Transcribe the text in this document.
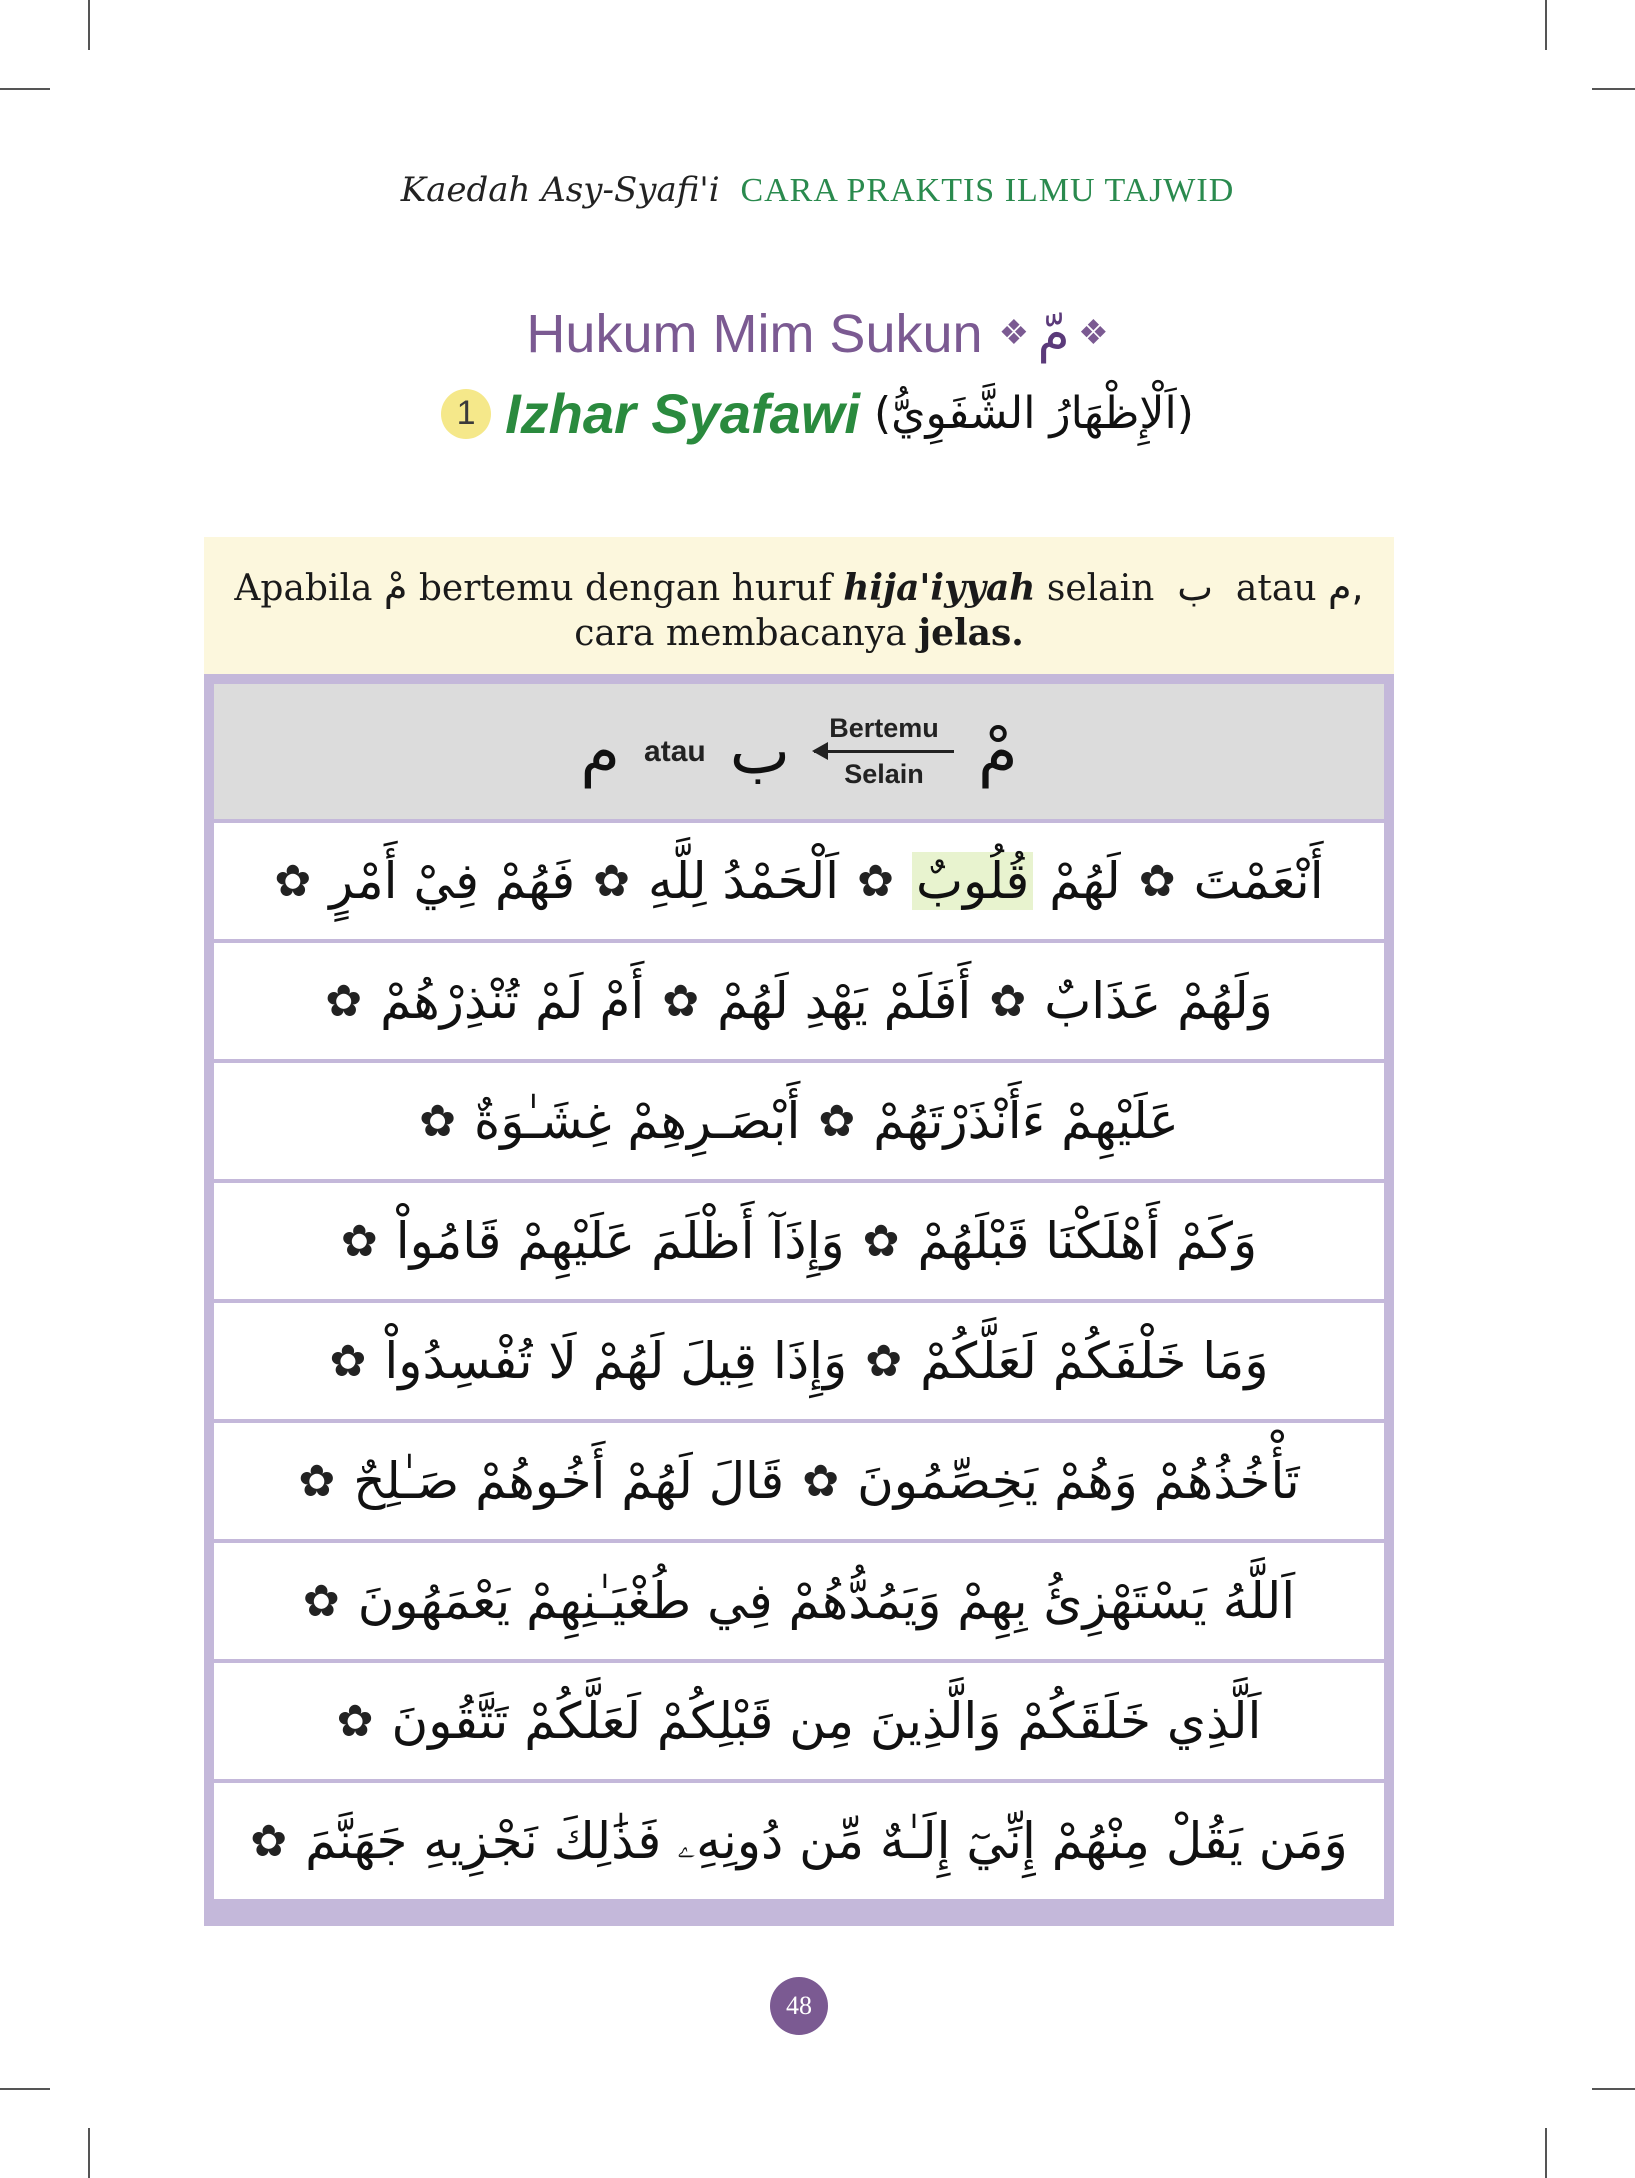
Kaedah Asy-Syafi'i CARA PRAKTIS ILMU TAJWID
Hukum Mim Sukun ❖ مّ ❖

1 Izhar Syafawi (اَلْإِظْهَارُ الشَّفَوِيُّ)
Apabila مْ bertemu dengan huruf hija'iyyah selain ب atau م,
cara membacanya jelas.
م atau ب Bertemu
Selain مْ
أَنْعَمْتَ
✿
لَهُمْ قُلُوبٌ
✿
اَلْحَمْدُ لِلَّهِ
✿
فَهُمْ فِيْ أَمْرٍ
✿
وَلَهُمْ عَذَابٌ
✿
أَفَلَمْ يَهْدِ لَهُمْ
✿
أَمْ لَمْ تُنْذِرْهُمْ
✿
عَلَيْهِمْ ءَأَنْذَرْتَهُمْ
✿
أَبْصَـرِهِمْ غِشَـٰوَةٌ
✿
وَكَمْ أَهْلَكْنَا قَبْلَهُمْ
✿
وَإِذَآ أَظْلَمَ عَلَيْهِمْ قَامُواْ
✿
وَمَا خَلْفَكُمْ لَعَلَّكُمْ
✿
وَإِذَا قِيلَ لَهُمْ لَا تُفْسِدُواْ
✿
تَأْخُذُهُمْ وَهُمْ يَخِصِّمُونَ
✿
قَالَ لَهُمْ أَخُوهُمْ صَـٰلِحٌ
✿
اَللَّهُ يَسْتَهْزِئُ بِهِمْ وَيَمُدُّهُمْ فِي طُغْيَـٰنِهِمْ يَعْمَهُونَ
✿
اَلَّذِي خَلَقَكُمْ وَالَّذِينَ مِن قَبْلِكُمْ لَعَلَّكُمْ تَتَّقُونَ
✿
وَمَن يَقُلْ مِنْهُمْ إِنِّيٓ إِلَـٰهٌ مِّن دُونِهِۦ فَذَٰلِكَ نَجْزِيهِ جَهَنَّمَ
✿
48
